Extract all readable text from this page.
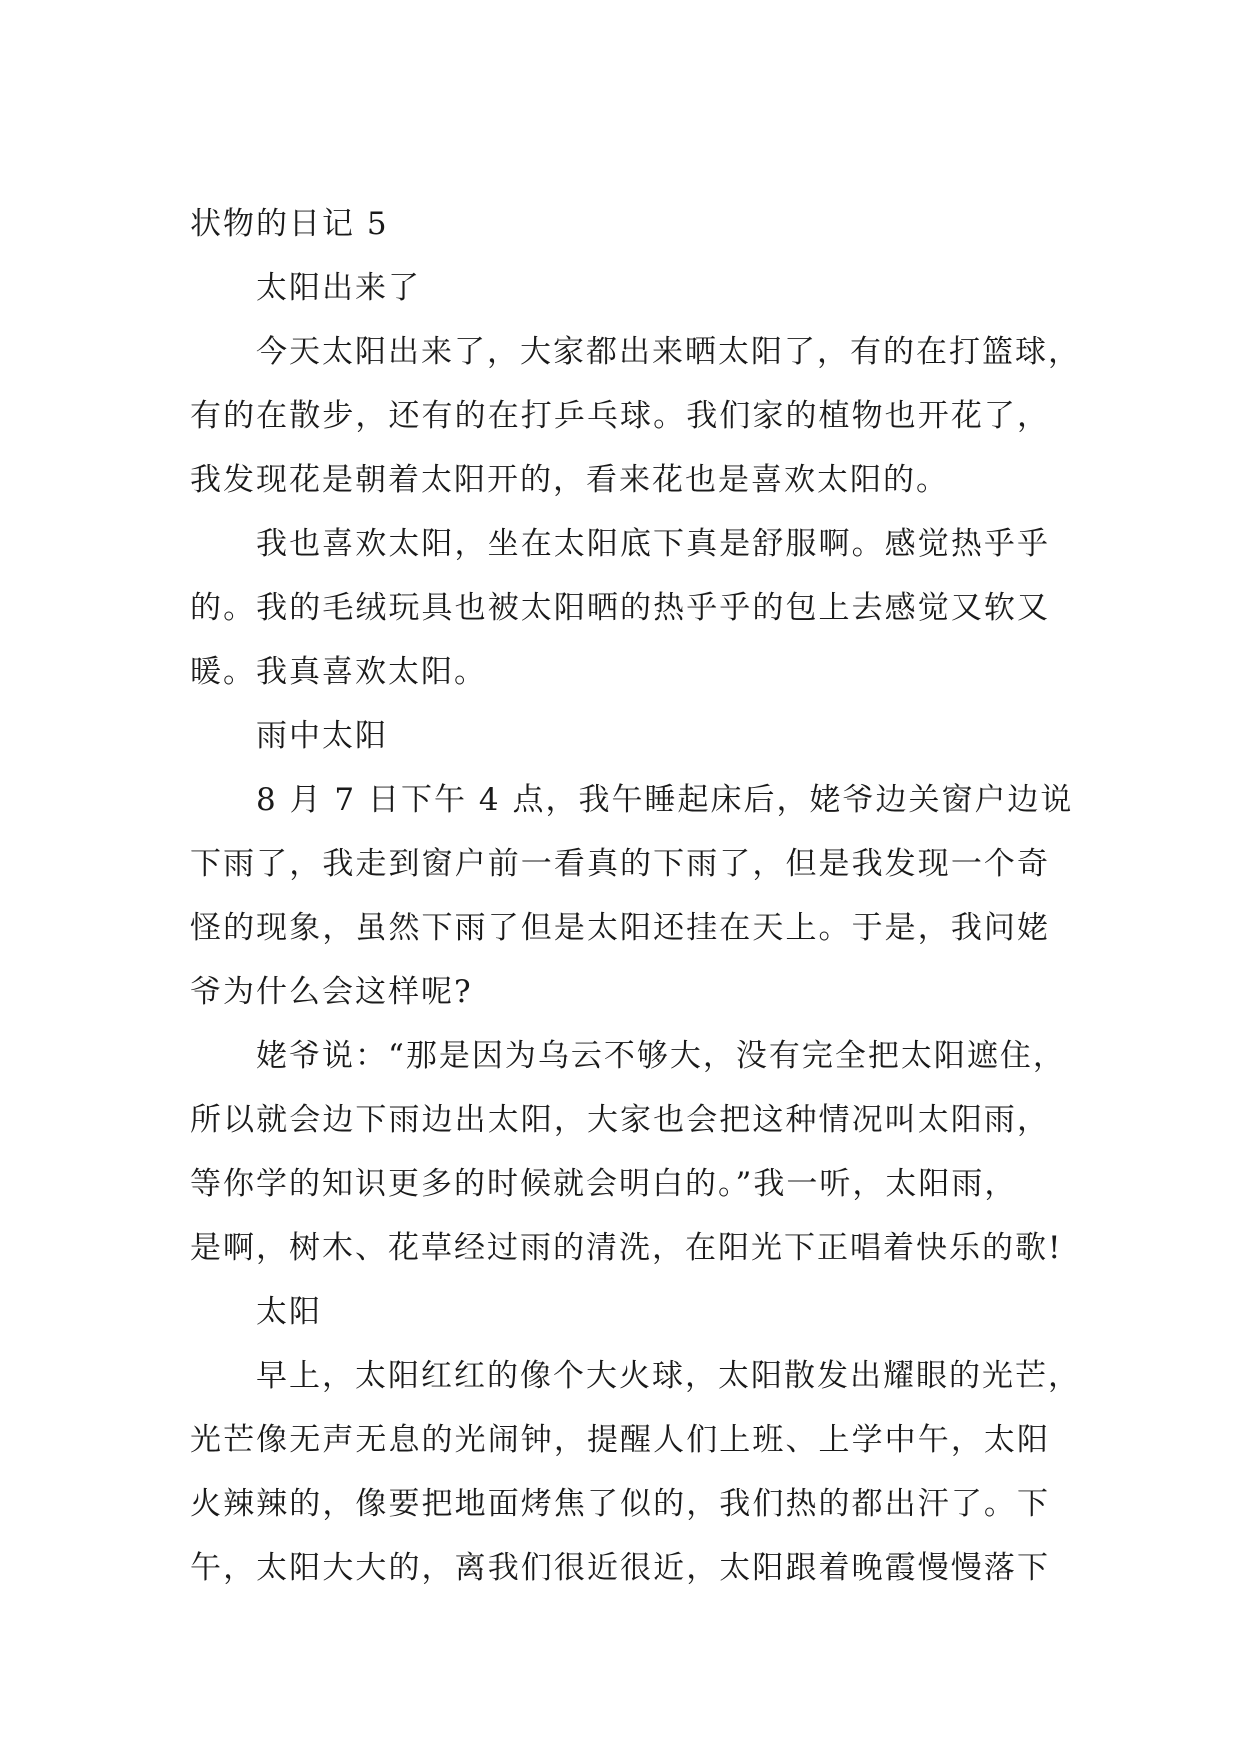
状物的日记 5
太阳出来了
今天太阳出来了，大家都出来晒太阳了，有的在打篮球，
有的在散步，还有的在打乒乓球。我们家的植物也开花了，
我发现花是朝着太阳开的，看来花也是喜欢太阳的。
我也喜欢太阳，坐在太阳底下真是舒服啊。感觉热乎乎
的。我的毛绒玩具也被太阳晒的热乎乎的包上去感觉又软又
暖。我真喜欢太阳。
雨中太阳
8 月 7 日下午 4 点，我午睡起床后，姥爷边关窗户边说
下雨了，我走到窗户前一看真的下雨了，但是我发现一个奇
怪的现象，虽然下雨了但是太阳还挂在天上。于是，我问姥
爷为什么会这样呢?
姥爷说：“那是因为乌云不够大，没有完全把太阳遮住，
所以就会边下雨边出太阳，大家也会把这种情况叫太阳雨，
等你学的知识更多的时候就会明白的。”我一听，太阳雨，
是啊，树木、花草经过雨的清洗，在阳光下正唱着快乐的歌!
太阳
早上，太阳红红的像个大火球，太阳散发出耀眼的光芒，
光芒像无声无息的光闹钟，提醒人们上班、上学中午，太阳
火辣辣的，像要把地面烤焦了似的，我们热的都出汗了。下
午，太阳大大的，离我们很近很近，太阳跟着晚霞慢慢落下
